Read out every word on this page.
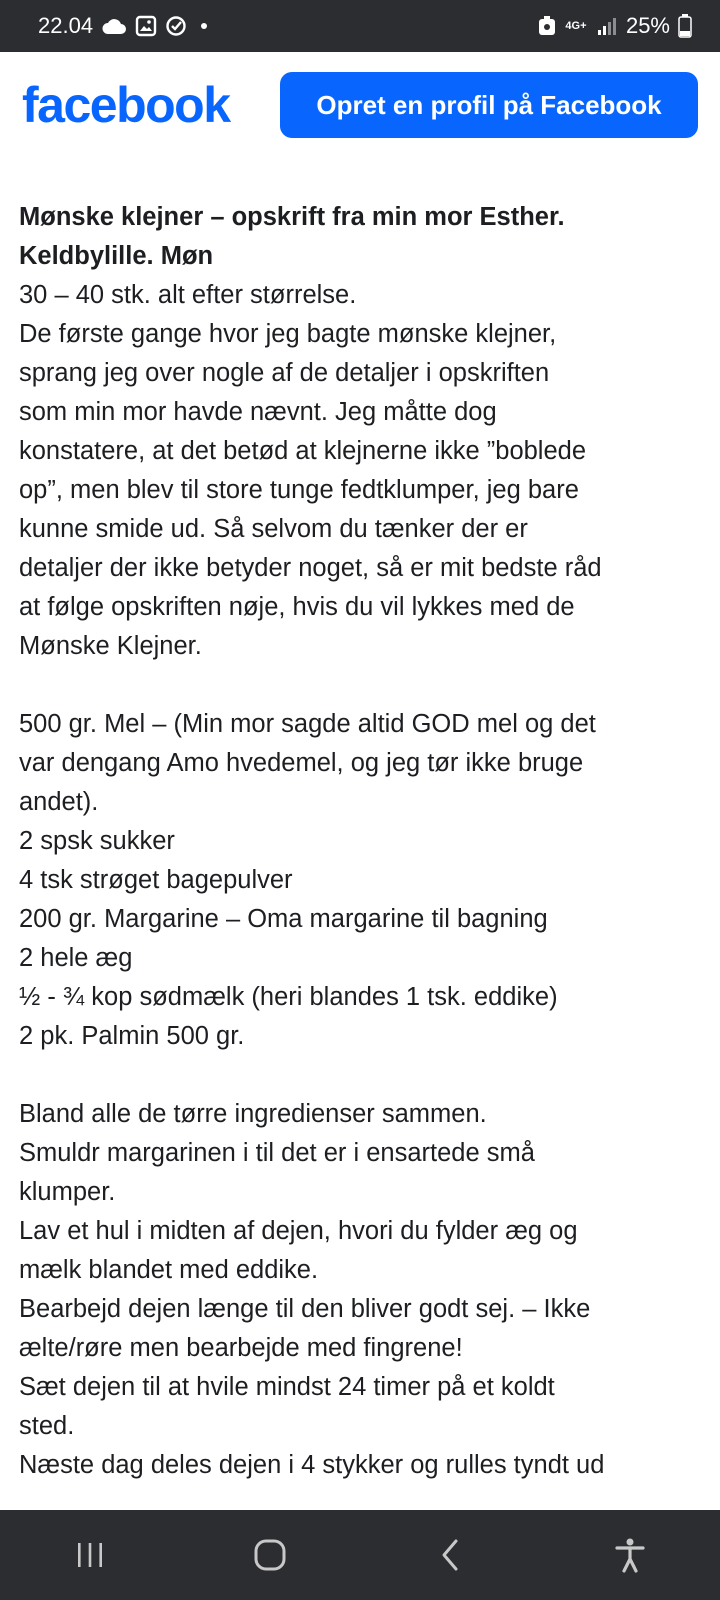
22.04	4G+ 25%
facebook	Opret en profil på Facebook

Mønske klejner – opskrift fra min mor Esther.

Keldbylille. Møn

30 – 40 stk. alt efter størrelse.

De første gange hvor jeg bagte mønske klejner,

sprang jeg over nogle af de detaljer i opskriften

som min mor havde nævnt. Jeg måtte dog

konstatere, at det betød at klejnerne ikke ”boblede

op”, men blev til store tunge fedtklumper, jeg bare

kunne smide ud. Så selvom du tænker der er

detaljer der ikke betyder noget, så er mit bedste råd

at følge opskriften nøje, hvis du vil lykkes med de

Mønske Klejner.

500 gr. Mel – (Min mor sagde altid GOD mel og det

var dengang Amo hvedemel, og jeg tør ikke bruge

andet).

2 spsk sukker

4 tsk strøget bagepulver

200 gr. Margarine – Oma margarine til bagning

2 hele æg

½ - ¾ kop sødmælk (heri blandes 1 tsk. eddike)

2 pk. Palmin 500 gr.

Bland alle de tørre ingredienser sammen.

Smuldr margarinen i til det er i ensartede små

klumper.

Lav et hul i midten af dejen, hvori du fylder æg og

mælk blandet med eddike.

Bearbejd dejen længe til den bliver godt sej. – Ikke

ælte/røre men bearbejde med fingrene!

Sæt dejen til at hvile mindst 24 timer på et koldt

sted.

Næste dag deles dejen i 4 stykker og rulles tyndt ud
